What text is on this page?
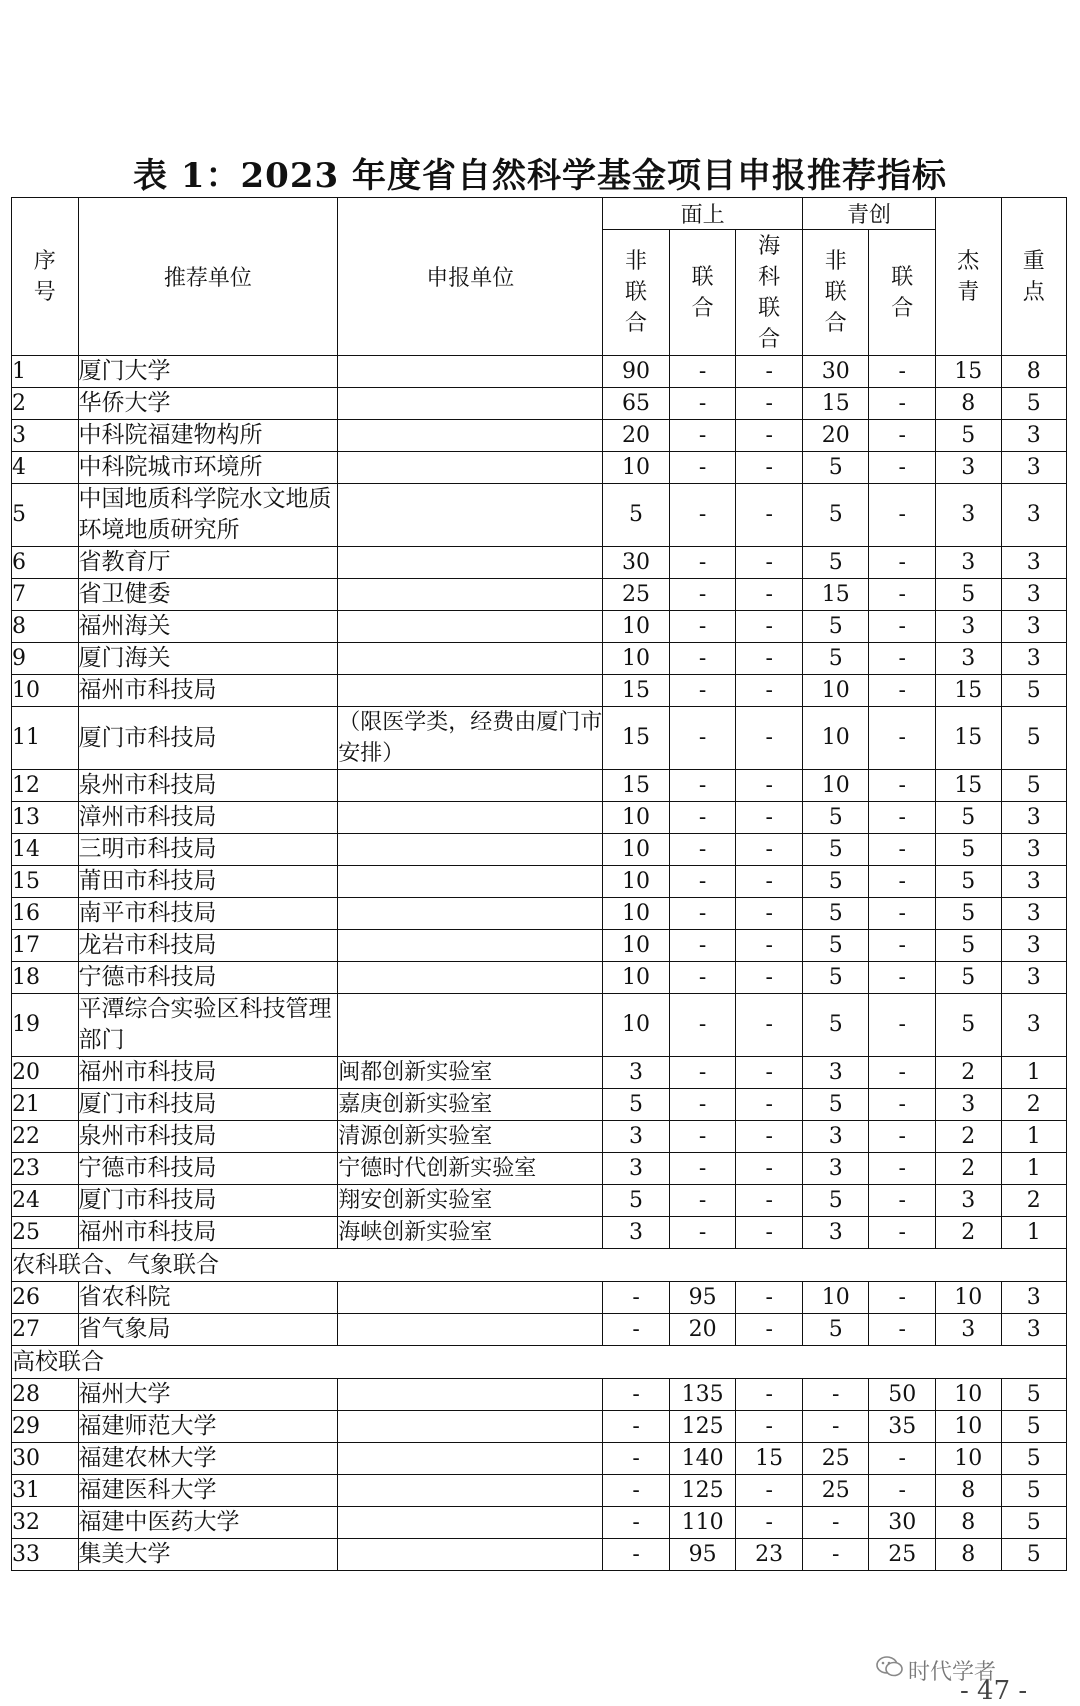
表 1：2023 年度省自然科学基金项目申报推荐指标
序号	推荐单位	申报单位	面上			青创		杰青	重点
			非联合	联合	海科联合	非联合	联合		
1	厦门大学		90	-	-	30	-	15	8
2	华侨大学		65	-	-	15	-	8	5
3	中科院福建物构所		20	-	-	20	-	5	3
4	中科院城市环境所		10	-	-	5	-	3	3
5	中国地质科学院水文地质环境地质研究所		5	-	-	5	-	3	3
6	省教育厅		30	-	-	5	-	3	3
7	省卫健委		25	-	-	15	-	5	3
8	福州海关		10	-	-	5	-	3	3
9	厦门海关		10	-	-	5	-	3	3
10	福州市科技局		15	-	-	10	-	15	5
11	厦门市科技局	（限医学类，经费由厦门市安排）	15	-	-	10	-	15	5
12	泉州市科技局		15	-	-	10	-	15	5
13	漳州市科技局		10	-	-	5	-	5	3
14	三明市科技局		10	-	-	5	-	5	3
15	莆田市科技局		10	-	-	5	-	5	3
16	南平市科技局		10	-	-	5	-	5	3
17	龙岩市科技局		10	-	-	5	-	5	3
18	宁德市科技局		10	-	-	5	-	5	3
19	平潭综合实验区科技管理部门		10	-	-	5	-	5	3
20	福州市科技局	闽都创新实验室	3	-	-	3	-	2	1
21	厦门市科技局	嘉庚创新实验室	5	-	-	5	-	3	2
22	泉州市科技局	清源创新实验室	3	-	-	3	-	2	1
23	宁德市科技局	宁德时代创新实验室	3	-	-	3	-	2	1
24	厦门市科技局	翔安创新实验室	5	-	-	5	-	3	2
25	福州市科技局	海峡创新实验室	3	-	-	3	-	2	1
农科联合、气象联合									
26	省农科院		-	95	-	10	-	10	3
27	省气象局		-	20	-	5	-	3	3
高校联合									
28	福州大学		-	135	-	-	50	10	5
29	福建师范大学		-	125	-	-	35	10	5
30	福建农林大学		-	140	15	25	-	10	5
31	福建医科大学		-	125	-	25	-	8	5
32	福建中医药大学		-	110	-	-	30	8	5
33	集美大学		-	95	23	-	25	8	5
时代学者
- 47 -
